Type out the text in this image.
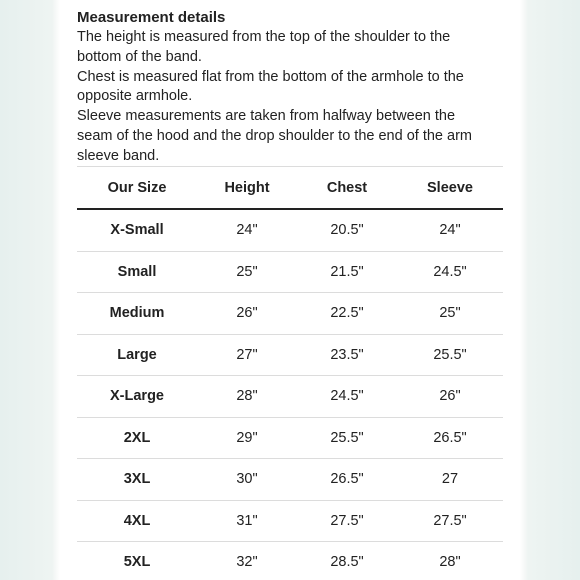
Measurement details
The height is measured from the top of the shoulder to the
bottom of the band.
Chest is measured flat from the bottom of the armhole to the
opposite armhole.
Sleeve measurements are taken from halfway between the
seam of the hood and the drop shoulder to the end of the arm
sleeve band.
Our Size	Height	Chest	Sleeve
X-Small	24"	20.5"	24"
Small	25"	21.5"	24.5"
Medium	26"	22.5"	25"
Large	27"	23.5"	25.5"
X-Large	28"	24.5"	26"
2XL	29"	25.5"	26.5"
3XL	30"	26.5"	27
4XL	31"	27.5"	27.5"
5XL	32"	28.5"	28"
